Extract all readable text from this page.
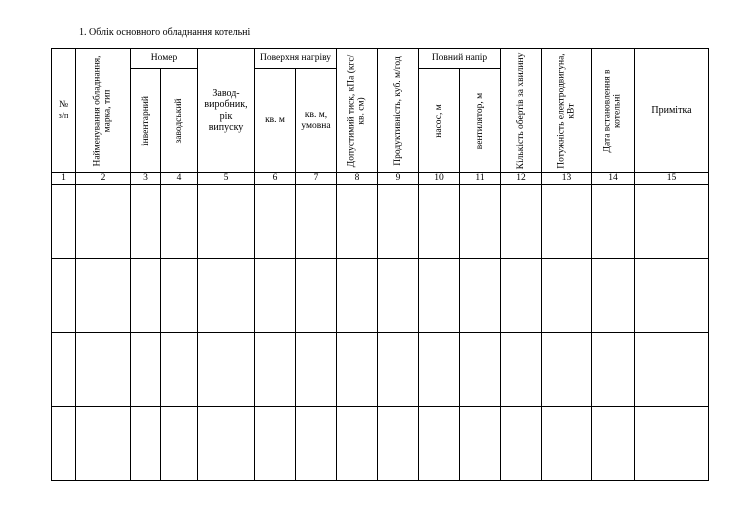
1. Облік основного обладнання котельні
№
з/п	Найменування обладнання, марка, тип	Номер		Завод-виробник, рік випуску	Поверхня нагріву		Допустимий тиск, кПа (кгс/кв. см)	Продуктивність, куб. м/год	Повний напір		Кількість обертів за хвилину	Потужність електродвигуна, кВт	Дата встановлення в котельні	Примітка

		інвентарний	заводський		кв. м	кв. м, умовна			насос, м	вентилятор, м				

1	2	3	4	5	6	7	8	9	10	11	12	13	14	15
